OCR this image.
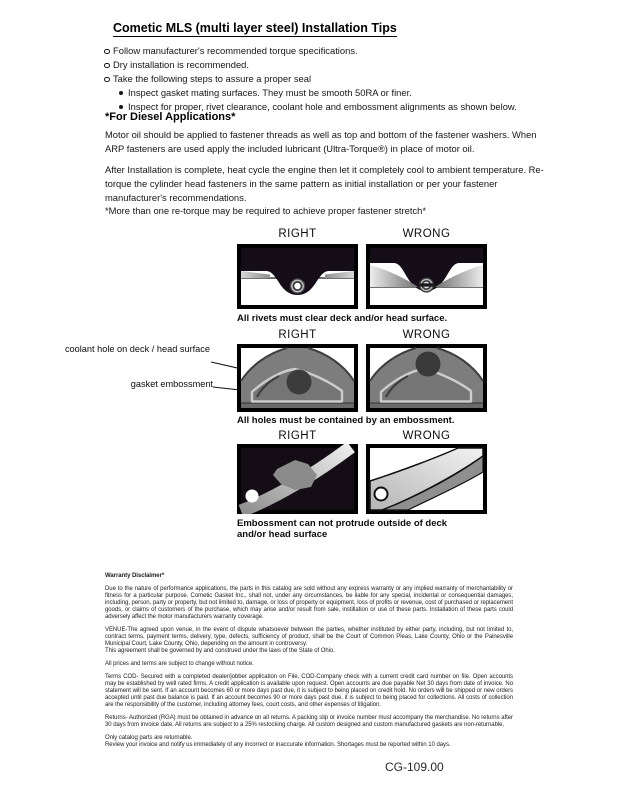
Cometic MLS (multi layer steel) Installation Tips
Follow manufacturer's recommended torque specifications.
Dry installation is recommended.
Take the following steps to assure a proper seal
Inspect gasket mating surfaces. They must be smooth 50RA or finer.
Inspect for proper, rivet clearance, coolant hole and embossment alignments as shown below.
*For Diesel Applications*
Motor oil should be applied to fastener threads as well as top and bottom of the fastener washers. When ARP fasteners are used apply the included lubricant (Ultra-Torque®) in place of motor oil.
After Installation is complete, heat cycle the engine then let it completely cool to ambient temperature. Re-torque the cylinder head fasteners in the same pattern as initial installation or per your fastener manufacturer's recommendations.
*More than one re-torque may be required to achieve proper fastener stretch*
RIGHT	WRONG
All rivets must clear deck and/or head surface.
RIGHT	WRONG
coolant hole on deck / head surface
gasket embossment
All holes must be contained by an embossment.
RIGHT	WRONG
Embossment can not protrude outside of deck and/or head surface

Warranty Disclaimer*

Due to the nature of performance applications, the parts in this catalog are sold without any express warranty or any implied warranty of merchantability or fitness for a particular purpose. Cometic Gasket Inc., shall not, under any circumstances, be liable for any special, incidental or consequential damages, including, person, party or property, but not limited to, damage, or loss of property or equipment, loss of profits or revenue, cost of purchased or replacement goods, or claims of customers of the purchase, which may arise and/or result from sale, instillation or use of these parts. Installation of these parts could adversely affect the motor manufacturers warranty coverage.

VENUE-The agreed upon venue, in the event of dispute whatsoever between the parties, whether instituted by either party, including, but not limited to, contract terms, payment terms, delivery, type, defects, sufficiency of product, shall be the Court of Common Pleas, Lake County, Ohio or the Painesville Municipal Court, Lake County, Ohio, depending on the amount in controversy.

This agreement shall be governed by and construed under the laws of the State of Ohio.

All prices and terms are subject to change without notice.

Terms COD- Secured with a completed dealer/jobber application on File, COD-Company check with a current credit card number on file. Open accounts may be established by well rated firms. A credit application is available upon request. Open accounts are due payable Net 30 days from date of invoice. No statement will be sent. If an account becomes 60 or more days past due, it is subject to being placed on credit hold. No orders will be shipped or new orders accepted until past due balance is paid. If an account becomes 90 or more days past due, it is subject to being placed for collections. All costs of collection are the responsibility of the customer, including attorney fees, court costs, and other expenses of litigation.

Returns- Authorized (RGA) must be obtained in advance on all returns. A packing slip or invoice number must accompany the merchandise. No returns after 30 days from invoice date. All returns are subject to a 25% restocking charge. All custom designed and custom manufactured gaskets are non-returnable.

Only catalog parts are returnable.

Review your invoice and notify us immediately of any incorrect or inaccurate information. Shortages must be reported within 10 days.

CG-109.00
